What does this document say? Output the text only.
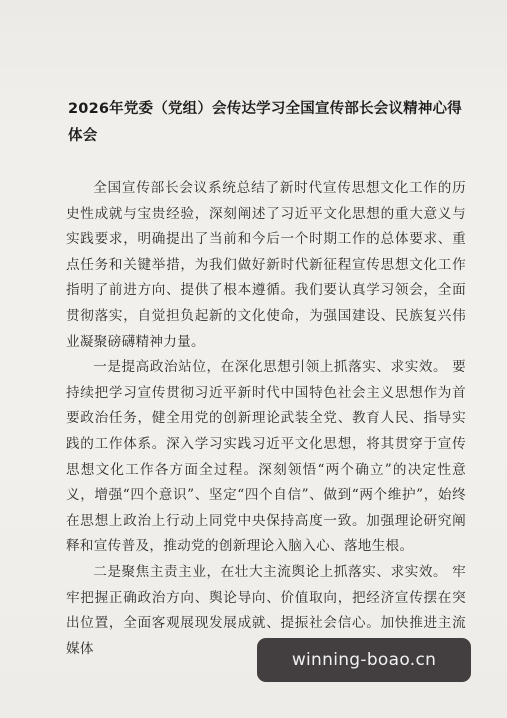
2026年党委（党组）会传达学习全国宣传部长会议精神心得体会

全国宣传部长会议系统总结了新时代宣传思想文化工作的历史性成就与宝贵经验，深刻阐述了习近平文化思想的重大意义与实践要求，明确提出了当前和今后一个时期工作的总体要求、重点任务和关键举措，为我们做好新时代新征程宣传思想文化工作指明了前进方向、提供了根本遵循。我们要认真学习领会，全面贯彻落实，自觉担负起新的文化使命，为强国建设、民族复兴伟业凝聚磅礴精神力量。

一是提高政治站位，在深化思想引领上抓落实、求实效。 要持续把学习宣传贯彻习近平新时代中国特色社会主义思想作为首要政治任务，健全用党的创新理论武装全党、教育人民、指导实践的工作体系。深入学习实践习近平文化思想，将其贯穿于宣传思想文化工作各方面全过程。深刻领悟“两个确立”的决定性意义，增强“四个意识”、坚定“四个自信”、做到“两个维护”，始终在思想上政治上行动上同党中央保持高度一致。加强理论研究阐释和宣传普及，推动党的创新理论入脑入心、落地生根。

二是聚焦主责主业，在壮大主流舆论上抓落实、求实效。 牢牢把握正确政治方向、舆论导向、价值取向，把经济宣传摆在突出位置，全面客观展现发展成就、提振社会信心。加快推进主流媒体

winning-boao.cn
